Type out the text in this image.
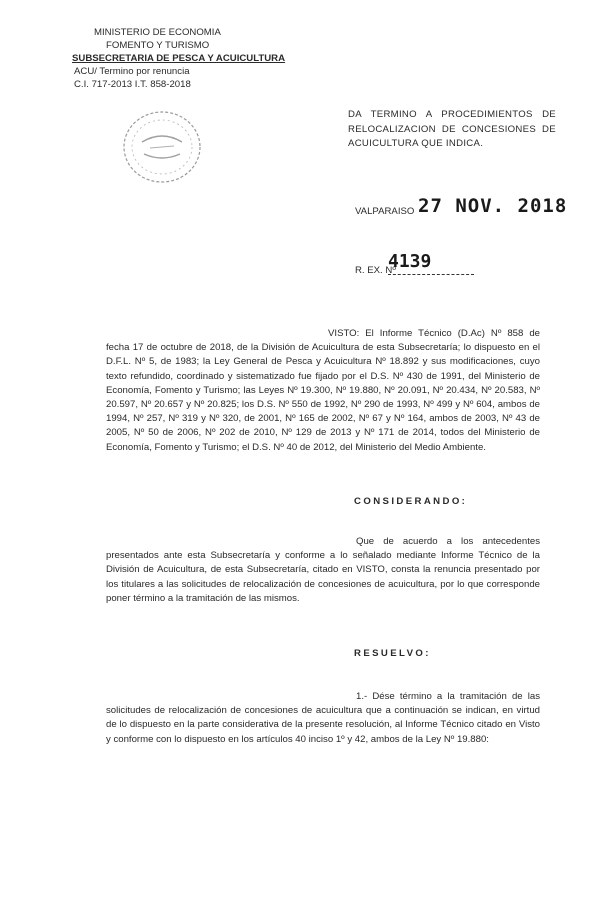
MINISTERIO DE ECONOMIA
FOMENTO Y TURISMO
SUBSECRETARIA DE PESCA Y ACUICULTURA
ACU/ Termino por renuncia
C.I. 717-2013 I.T. 858-2018
DA TERMINO A PROCEDIMIENTOS DE RELOCALIZACION DE CONCESIONES DE ACUICULTURA QUE INDICA.
VALPARAISO 27 NOV. 2018
R. EX. Nº
4139
VISTO: El Informe Técnico (D.Ac) Nº 858 de fecha 17 de octubre de 2018, de la División de Acuicultura de esta Subsecretaría; lo dispuesto en el D.F.L. Nº 5, de 1983; la Ley General de Pesca y Acuicultura Nº 18.892 y sus modificaciones, cuyo texto refundido, coordinado y sistematizado fue fijado por el D.S. Nº 430 de 1991, del Ministerio de Economía, Fomento y Turismo; las Leyes Nº 19.300, Nº 19.880, Nº 20.091, Nº 20.434, Nº 20.583, Nº 20.597, Nº 20.657 y Nº 20.825; los D.S. Nº 550 de 1992, Nº 290 de 1993, Nº 499 y Nº 604, ambos de 1994, Nº 257, Nº 319 y Nº 320, de 2001, Nº 165 de 2002, Nº 67 y Nº 164, ambos de 2003, Nº 43 de 2005, Nº 50 de 2006, Nº 202 de 2010, Nº 129 de 2013 y Nº 171 de 2014, todos del Ministerio de Economía, Fomento y Turismo; el D.S. Nº 40 de 2012, del Ministerio del Medio Ambiente.
CONSIDERANDO:
Que de acuerdo a los antecedentes presentados ante esta Subsecretaría y conforme a lo señalado mediante Informe Técnico de la División de Acuicultura, de esta Subsecretaría, citado en VISTO, consta la renuncia presentado por los titulares a las solicitudes de relocalización de concesiones de acuicultura, por lo que corresponde poner término a la tramitación de las mismos.
RESUELVO:
1.- Dése término a la tramitación de las solicitudes de relocalización de concesiones de acuicultura que a continuación se indican, en virtud de lo dispuesto en la parte considerativa de la presente resolución, al Informe Técnico citado en Visto y conforme con lo dispuesto en los artículos 40 inciso 1º y 42, ambos de la Ley Nº 19.880:
